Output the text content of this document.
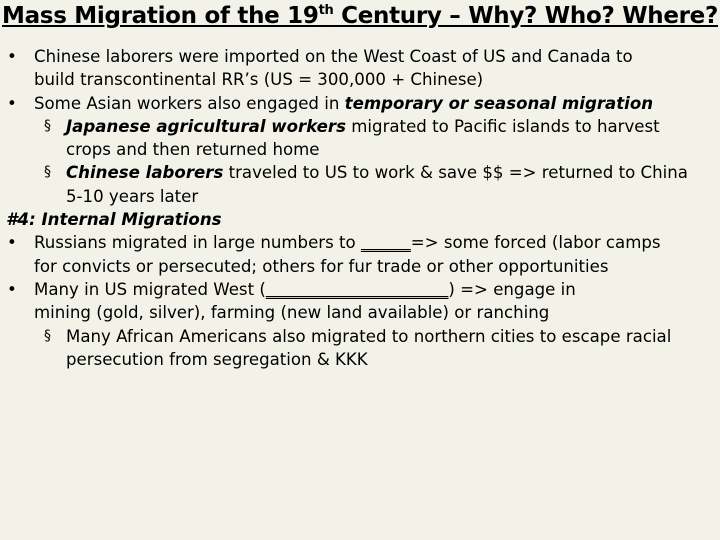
Mass Migration of the 19th Century – Why? Who? Where?
• Chinese laborers were imported on the West Coast of US and Canada to
build transcontinental RR’s (US = 300,000 + Chinese)
• Some Asian workers also engaged in temporary or seasonal migration
§ Japanese agricultural workers migrated to Pacific islands to harvest
crops and then returned home
§ Chinese laborers traveled to US to work & save $$ => returned to China
5-10 years later
#4: Internal Migrations
• Russians migrated in large numbers to ______=> some forced (labor camps
for convicts or persecuted; others for fur trade or other opportunities
• Many in US migrated West (______________________) => engage in
mining (gold, silver), farming (new land available) or ranching
§ Many African Americans also migrated to northern cities to escape racial
persecution from segregation & KKK
